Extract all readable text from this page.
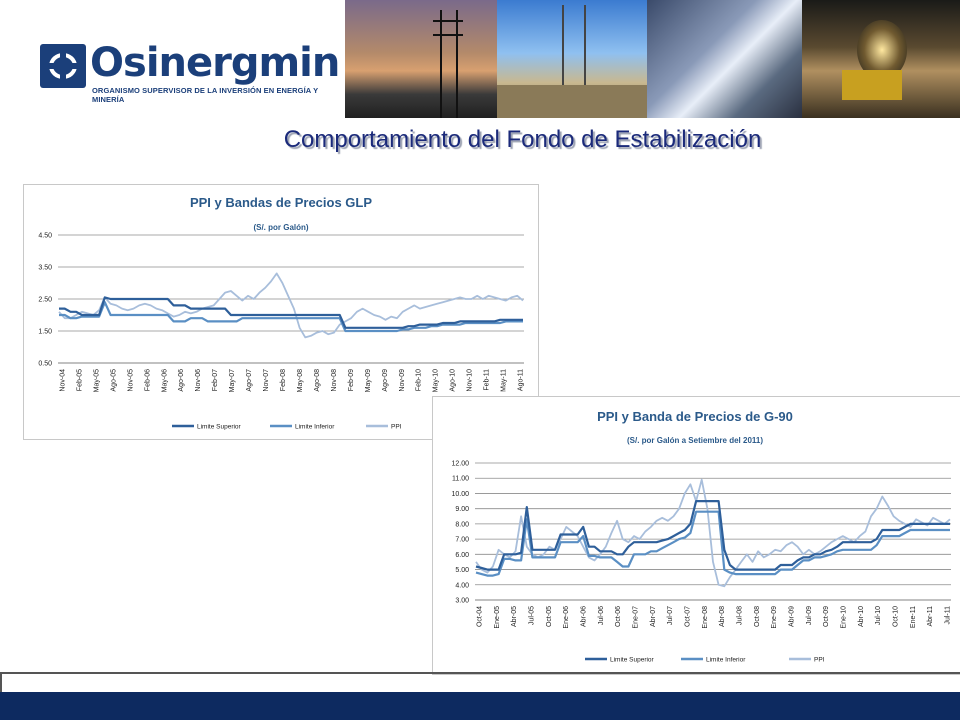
Osinergmin
ORGANISMO SUPERVISOR DE LA INVERSIÓN EN ENERGÍA Y MINERÍA
Comportamiento del Fondo de Estabilización
PPI y Bandas de Precios GLP
(S/. por Galón)
4.50
3.50
2.50
1.50
0.50
Nov-04 Feb-05 May-05 Ago-05 Nov-05 Feb-06 May-06 Ago-06 Nov-06 Feb-07 May-07 Ago-07 Nov-07 Feb-08 May-08 Ago-08 Nov-08 Feb-09 May-09 Ago-09 Nov-09 Feb-10 May-10 Ago-10 Nov-10 Feb-11 May-11 Ago-11
Limite Superior	Limite Inferior	PPI
PPI y Banda de Precios de G-90
(S/. por Galón a Setiembre del 2011)
12.00
11.00
10.00
9.00
8.00
7.00
6.00
5.00
4.00
3.00
Oct-04 Ene-05 Abr-05 Jul-05 Oct-05 Ene-06 Abr-06 Jul-06 Oct-06 Ene-07 Abr-07 Jul-07 Oct-07 Ene-08 Abr-08 Jul-08 Oct-08 Ene-09 Abr-09 Jul-09 Oct-09 Ene-10 Abr-10 Jul-10 Oct-10 Ene-11 Abr-11 Jul-11
Limite Superior	Limite Inferior	PPI
